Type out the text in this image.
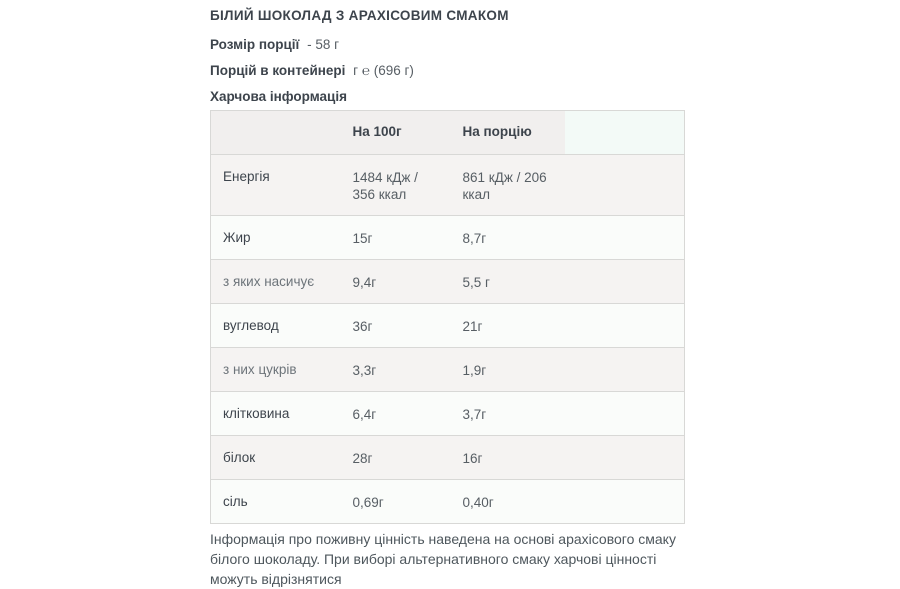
БІЛИЙ ШОКОЛАД З АРАХІСОВИМ СМАКОМ
Розмір порції - 58 г
Порцій в контейнері г ℮ (696 г)
Харчова інформація
	На 100г	На порцію	
Енергія	1484 кДж / 356 ккал	861 кДж / 206 ккал	
Жир	15г	8,7г	
з яких насичує	9,4г	5,5 г	
вуглевод	36г	21г	
з них цукрів	3,3г	1,9г	
клітковина	6,4г	3,7г	
білок	28г	16г	
сіль	0,69г	0,40г	
Інформація про поживну цінність наведена на основі арахісового смаку білого шоколаду. При виборі альтернативного смаку харчові цінності можуть відрізнятися
